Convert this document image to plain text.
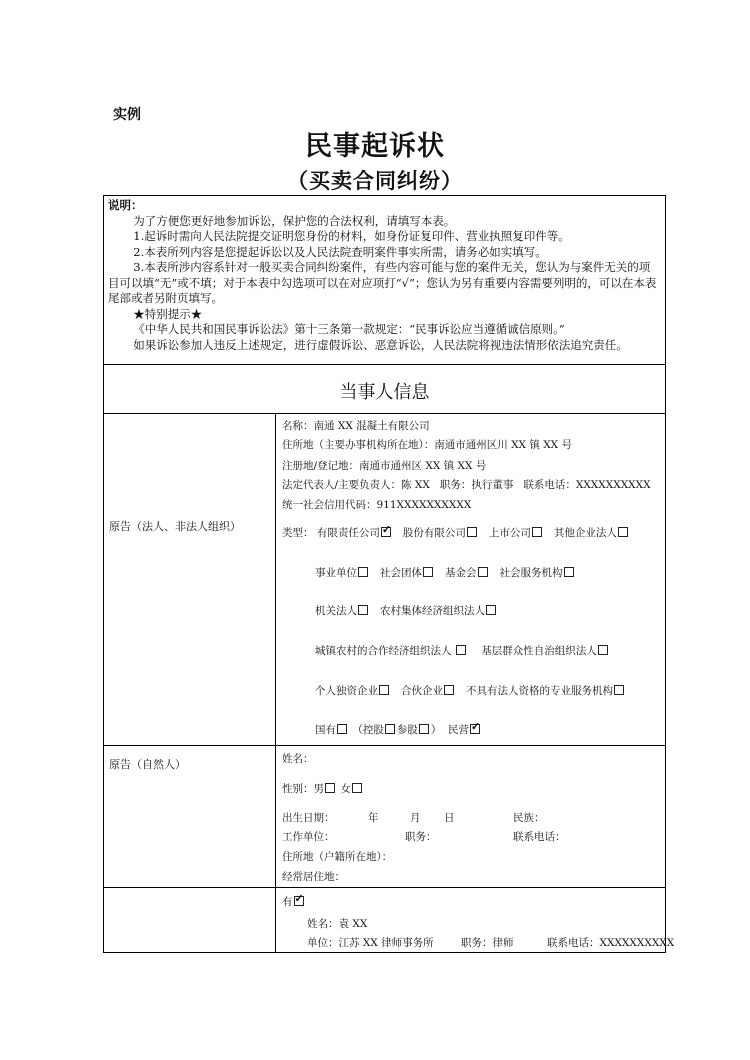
实例
民事起诉状
（买卖合同纠纷）

说明：

为了方便您更好地参加诉讼，保护您的合法权利，请填写本表。

1.起诉时需向人民法院提交证明您身份的材料，如身份证复印件、营业执照复印件等。

2.本表所列内容是您提起诉讼以及人民法院查明案件事实所需，请务必如实填写。

3.本表所涉内容系针对一般买卖合同纠纷案件，有些内容可能与您的案件无关，您认为与案件无关的项目可以填“无”或不填；对于本表中勾选项可以在对应项打“√”；您认为另有重要内容需要列明的，可以在本表尾部或者另附页填写。

★特别提示★

《中华人民共和国民事诉讼法》第十三条第一款规定：“民事诉讼应当遵循诚信原则。”

如果诉讼参加人违反上述规定，进行虚假诉讼、恶意诉讼，人民法院将视违法情形依法追究责任。

当事人信息
原告（法人、非法人组织）
名称：南通 XX 混凝土有限公司
住所地（主要办事机构所在地）：南通市通州区川 XX 镇 XX 号
注册地/登记地：南通市通州区 XX 镇 XX 号
法定代表人/主要负责人：陈 XX 职务：执行董事 联系电话：XXXXXXXXXX
统一社会信用代码：911XXXXXXXXXX
类型： 有限责任公司✓ 股份有限公司 上市公司 其他企业法人
事业单位 社会团体 基金会 社会服务机构
机关法人 农村集体经济组织法人
城镇农村的合作经济组织法人	基层群众性自治组织法人
个人独资企业 合伙企业 不具有法人资格的专业服务机构
国有 （控股 参股 ） 民营✓
原告（自然人）	姓名：
性别：男 女
出生日期：	年	月 日	民族：
工作单位：	职务：	联系电话：
住所地（户籍所在地）：
经常居住地：
有✓
姓名：袁 XX
单位：江苏 XX 律师事务所	职务：律师	联系电话：XXXXXXXXXX
